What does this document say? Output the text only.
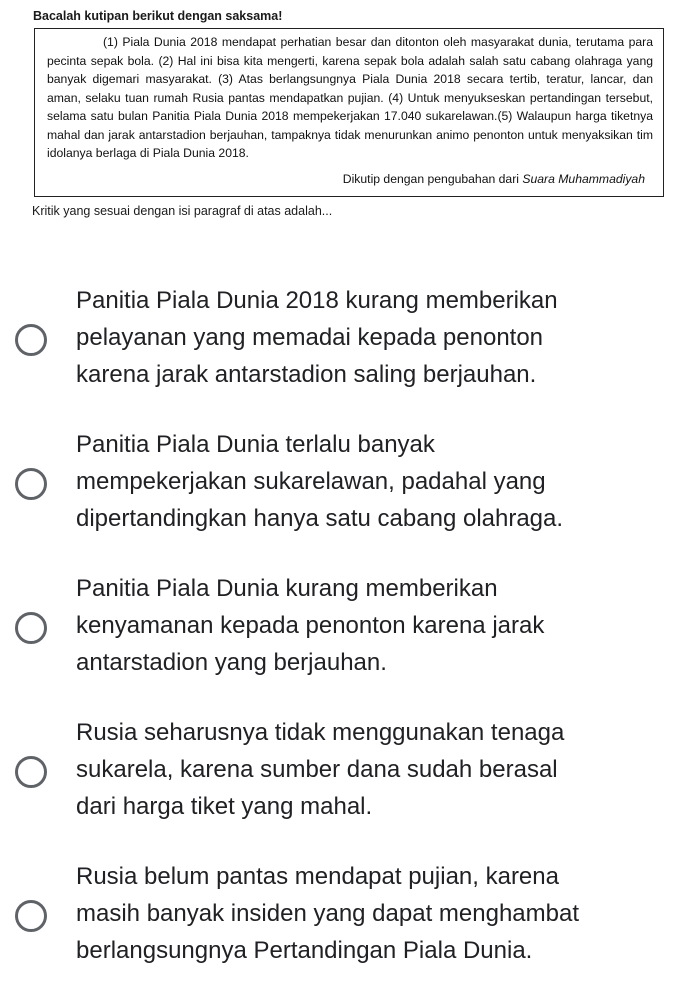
Bacalah kutipan berikut dengan saksama!

(1) Piala Dunia 2018 mendapat perhatian besar dan ditonton oleh masyarakat dunia, terutama para pecinta sepak bola. (2) Hal ini bisa kita mengerti, karena sepak bola adalah salah satu cabang olahraga yang banyak digemari masyarakat. (3) Atas berlangsungnya Piala Dunia 2018 secara tertib, teratur, lancar, dan aman, selaku tuan rumah Rusia pantas mendapatkan pujian. (4) Untuk menyukseskan pertandingan tersebut, selama satu bulan Panitia Piala Dunia 2018 mempekerjakan 17.040 sukarelawan.(5) Walaupun harga tiketnya mahal dan jarak antarstadion berjauhan, tampaknya tidak menurunkan animo penonton untuk menyaksikan tim idolanya berlaga di Piala Dunia 2018.

Dikutip dengan pengubahan dari Suara Muhammadiyah
Kritik yang sesuai dengan isi paragraf di atas adalah...
Panitia Piala Dunia 2018 kurang memberikan
pelayanan yang memadai kepada penonton
karena jarak antarstadion saling berjauhan.
Panitia Piala Dunia terlalu banyak
mempekerjakan sukarelawan, padahal yang
dipertandingkan hanya satu cabang olahraga.
Panitia Piala Dunia kurang memberikan
kenyamanan kepada penonton karena jarak
antarstadion yang berjauhan.
Rusia seharusnya tidak menggunakan tenaga
sukarela, karena sumber dana sudah berasal
dari harga tiket yang mahal.
Rusia belum pantas mendapat pujian, karena
masih banyak insiden yang dapat menghambat
berlangsungnya Pertandingan Piala Dunia.
